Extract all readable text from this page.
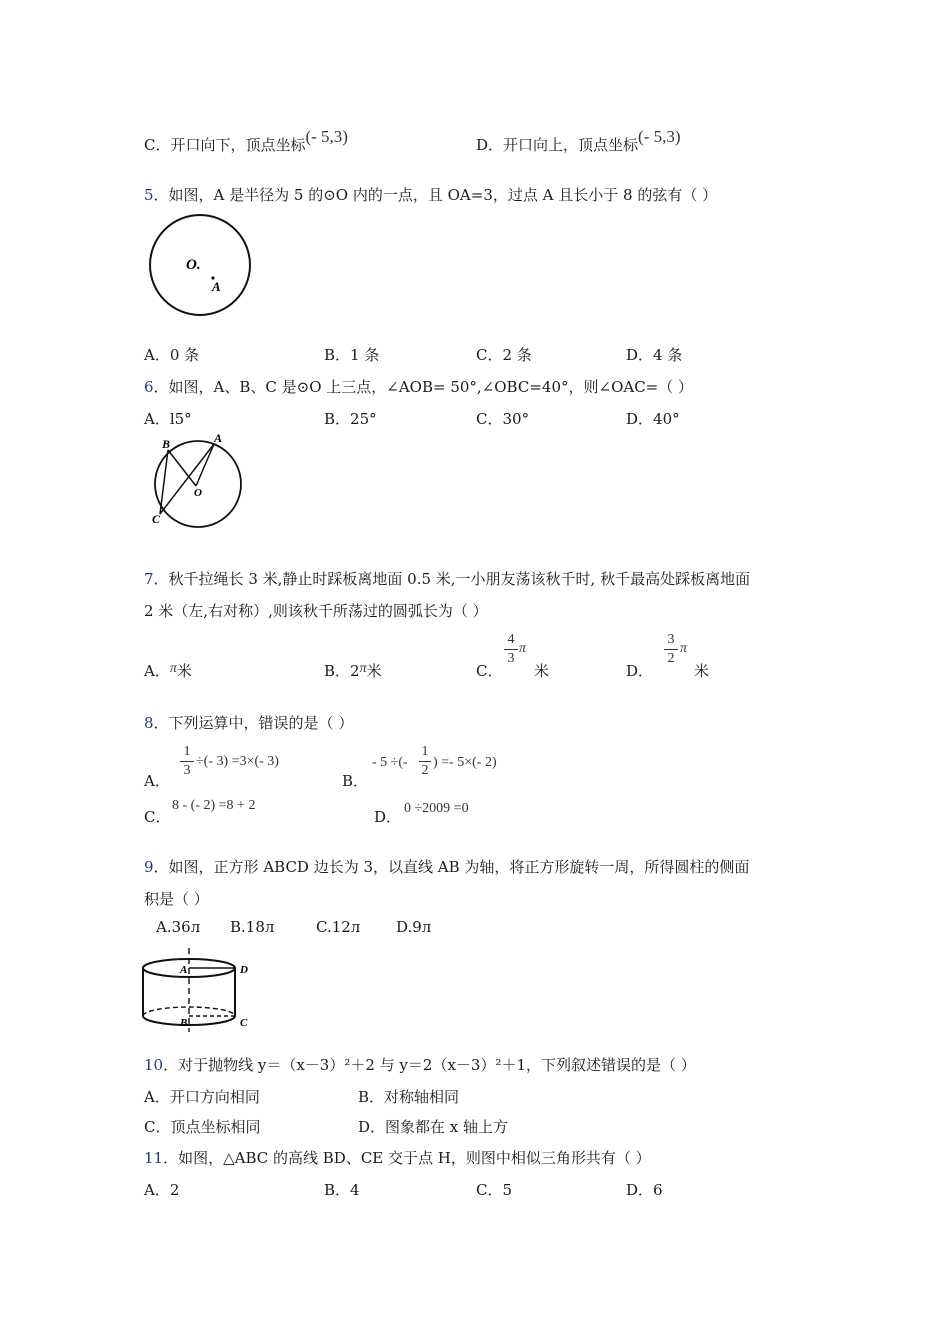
C．开口向下，顶点坐标(- 5,3)	D．开口向上，顶点坐标(- 5,3)
5．如图，A 是半径为 5 的⊙O 内的一点，且 OA=3，过点 A 且长小于 8 的弦有（ ）
O.
A
A．0 条	B．1 条	C．2 条	D．4 条
6．如图，A、B、C 是⊙O 上三点，∠AOB= 50°,∠OBC=40°，则∠OAC=（ ）
A．l5°	B．25°	C．30°	D．40°
B	A
O
C
7．秋千拉绳长 3 米,静止时踩板离地面 0.5 米,一小朋友荡该秋千时, 秋千最高处踩板离地面
2 米（左,右对称）,则该秋千所荡过的圆弧长为（ ）
A．π米	B．2π米	C．
4
3
π
米	D．
3
2
π
米
8．下列运算中，错误的是（ ）
A．
1
3
÷(- 3) =3×(- 3)
B．
- 5 ÷(-
1
2
) =- 5×(- 2)
C．
8 - (- 2) =8 + 2
D． 0 ÷2009 =0
9．如图，正方形 ABCD 边长为 3，以直线 AB 为轴，将正方形旋转一周，所得圆柱的侧面
积是（ ）
A.36л B.18л	C.12л D.9л
A	D
B	C
10．对于抛物线 y＝（x－3）²＋2 与 y＝2（x－3）²＋1，下列叙述错误的是（ ）
A．开口方向相同	B．对称轴相同
C．顶点坐标相同	D．图象都在 x 轴上方
11．如图，△ABC 的高线 BD、CE 交于点 H，则图中相似三角形共有（ ）
A．2	B．4	C．5	D．6
